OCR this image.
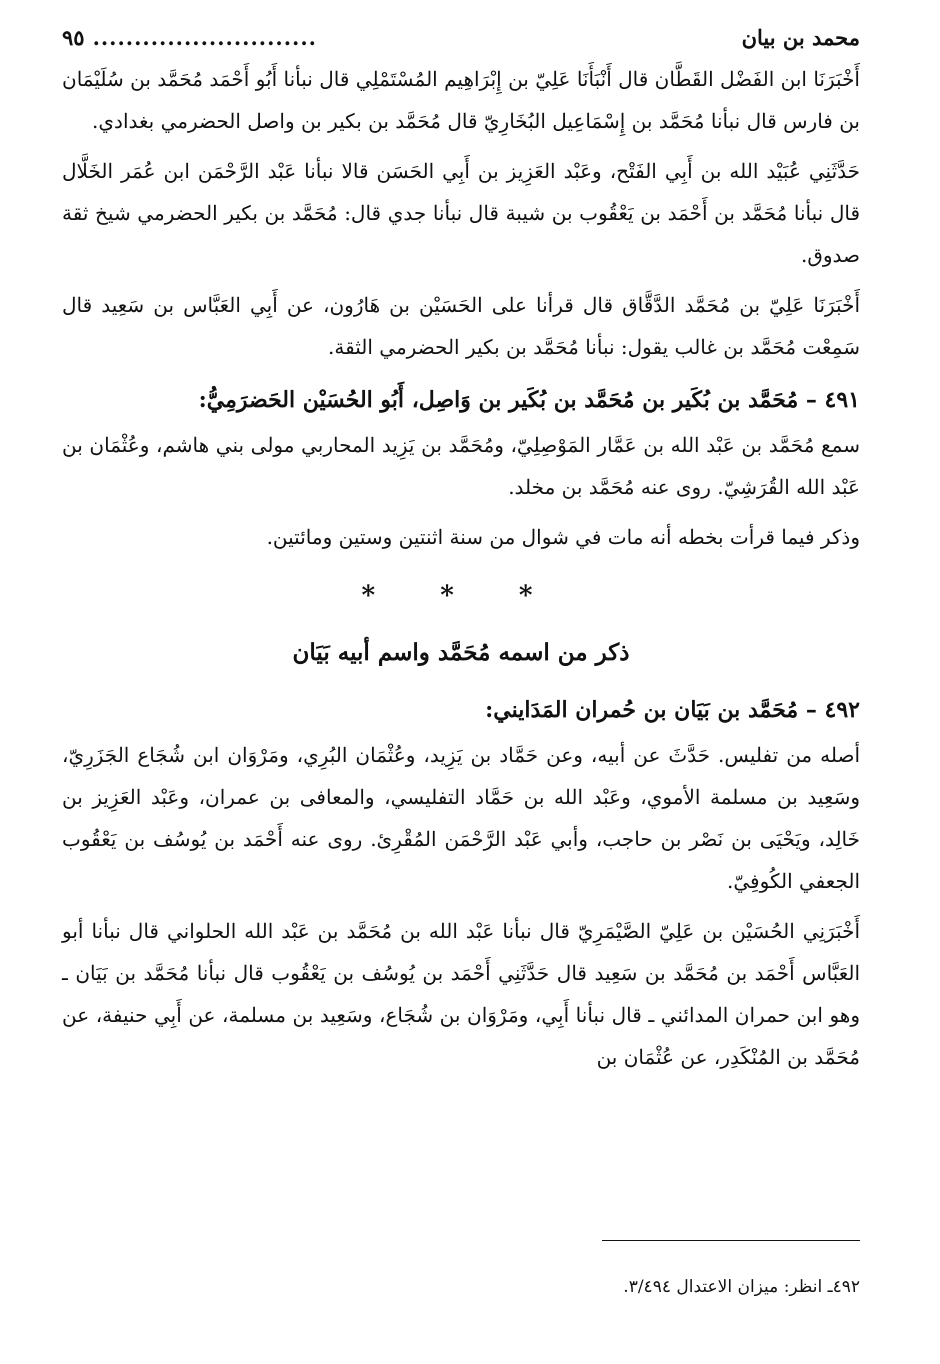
محمد بن بيان
...........................
٩٥

أَخْبَرَنَا ابن الفَضْل القَطَّان قال أَنْبَأَنَا عَلِيّ بن إِبْرَاهِيم المُسْتَمْلِي قال نبأنا أَبُو أَحْمَد مُحَمَّد بن سُلَيْمَان بن فارس قال نبأنا مُحَمَّد بن إِسْمَاعِيل البُخَارِيّ قال مُحَمَّد بن بكير بن واصل الحضرمي بغدادي.

حَدَّثَنِي عُبَيْد الله بن أَبِي الفَتْح، وعَبْد العَزِيز بن أَبِي الحَسَن قالا نبأنا عَبْد الرَّحْمَن ابن عُمَر الخَلَّال قال نبأنا مُحَمَّد بن أَحْمَد بن يَعْقُوب بن شيبة قال نبأنا جدي قال: مُحَمَّد بن بكير الحضرمي شيخ ثقة صدوق.

أَخْبَرَنَا عَلِيّ بن مُحَمَّد الدَّقَّاق قال قرأنا على الحَسَيْن بن هَارُون، عن أَبِي العَبَّاس بن سَعِيد قال سَمِعْت مُحَمَّد بن غالب يقول: نبأنا مُحَمَّد بن بكير الحضرمي الثقة.

٤٩١ – مُحَمَّد بن بُكَير بن مُحَمَّد بن بُكَير بن وَاصِل، أَبُو الحُسَيْن الحَضرَمِيُّ:

سمع مُحَمَّد بن عَبْد الله بن عَمَّار المَوْصِلِيّ، ومُحَمَّد بن يَزِيد المحاربي مولى بني هاشم، وعُثْمَان بن عَبْد الله القُرَشِيّ. روى عنه مُحَمَّد بن مخلد.

وذكر فيما قرأت بخطه أنه مات في شوال من سنة اثنتين وستين ومائتين.

* * *
ذكر من اسمه مُحَمَّد واسم أبيه بَيَان
٤٩٢ – مُحَمَّد بن بَيَان بن حُمران المَدَايني:

أصله من تفليس. حَدَّثَ عن أبيه، وعن حَمَّاد بن يَزِيد، وعُثْمَان البُرِي، ومَرْوَان ابن شُجَاع الجَزَرِيّ، وسَعِيد بن مسلمة الأموي، وعَبْد الله بن حَمَّاد التفليسي، والمعافى بن عمران، وعَبْد العَزِيز بن خَالِد، ويَحْيَى بن نَصْر بن حاجب، وأبي عَبْد الرَّحْمَن المُقْرِئ. روى عنه أَحْمَد بن يُوسُف بن يَعْقُوب الجعفي الكُوفِيّ.

أَخْبَرَنِي الحُسَيْن بن عَلِيّ الصَّيْمَرِيّ قال نبأنا عَبْد الله بن مُحَمَّد بن عَبْد الله الحلواني قال نبأنا أبو العَبَّاس أَحْمَد بن مُحَمَّد بن سَعِيد قال حَدَّثَنِي أَحْمَد بن يُوسُف بن يَعْقُوب قال نبأنا مُحَمَّد بن بَيَان ـ وهو ابن حمران المدائني ـ قال نبأنا أَبِي، ومَرْوَان بن شُجَاع، وسَعِيد بن مسلمة، عن أَبِي حنيفة، عن مُحَمَّد بن المُنْكَدِر، عن عُثْمَان بن

٤٩٢ـ انظر: ميزان الاعتدال ٣/٤٩٤.
